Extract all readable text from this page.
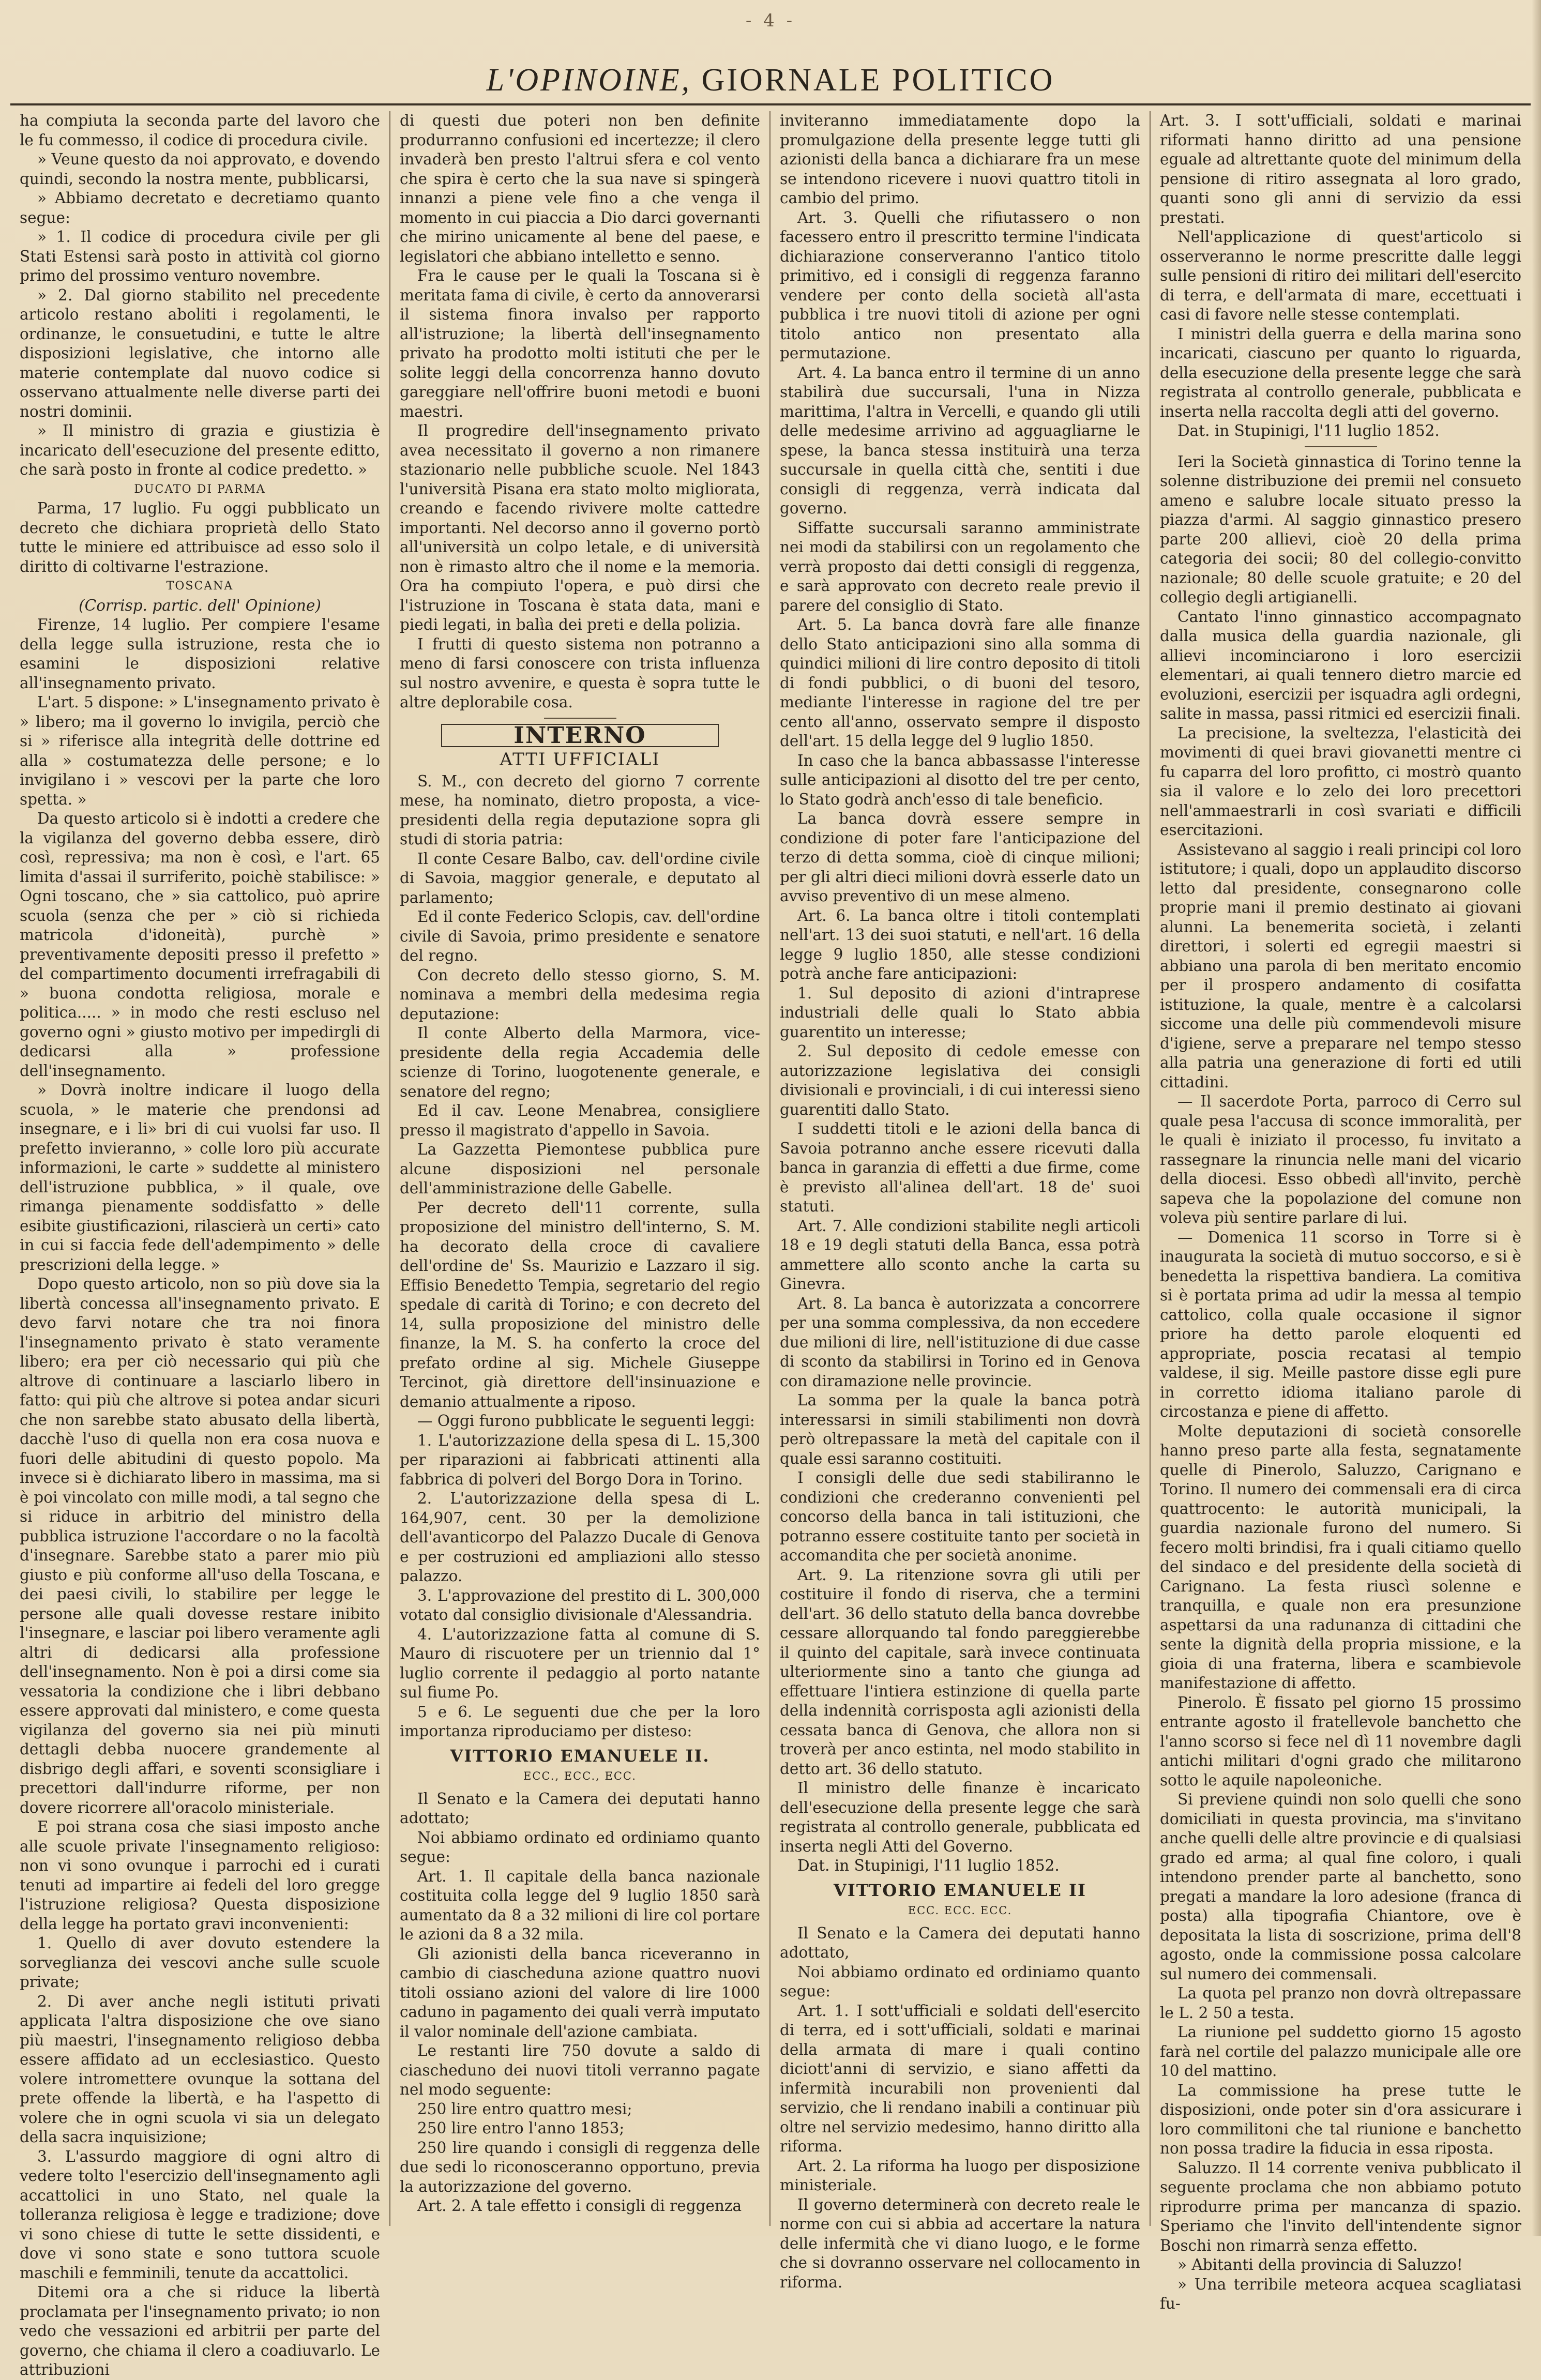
- 4 -
L'OPINOINE, GIORNALE POLITICO

ha compiuta la seconda parte del lavoro che le fu commesso, il codice di procedura civile.

» Veune questo da noi approvato, e dovendo quindi, secondo la nostra mente, pubblicarsi,

» Abbiamo decretato e decretiamo quanto segue:

» 1. Il codice di procedura civile per gli Stati Estensi sarà posto in attività col giorno primo del prossimo venturo novembre.

» 2. Dal giorno stabilito nel precedente articolo restano aboliti i regolamenti, le ordinanze, le consuetudini, e tutte le altre disposizioni legislative, che intorno alle materie contemplate dal nuovo codice si osservano attualmente nelle diverse parti dei nostri dominii.

» Il ministro di grazia e giustizia è incaricato dell'esecuzione del presente editto, che sarà posto in fronte al codice predetto. »

DUCATO DI PARMA

Parma, 17 luglio. Fu oggi pubblicato un decreto che dichiara proprietà dello Stato tutte le miniere ed attribuisce ad esso solo il diritto di coltivarne l'estrazione.

TOSCANA

(Corrisp. partic. dell' Opinione)

Firenze, 14 luglio. Per compiere l'esame della legge sulla istruzione, resta che io esamini le disposizioni relative all'insegnamento privato.

L'art. 5 dispone: » L'insegnamento privato è » libero; ma il governo lo invigila, perciò che si » riferisce alla integrità delle dottrine ed alla » costumatezza delle persone; e lo invigilano i » vescovi per la parte che loro spetta. »

Da questo articolo si è indotti a credere che la vigilanza del governo debba essere, dirò così, repressiva; ma non è così, e l'art. 65 limita d'assai il surriferito, poichè stabilisce: » Ogni toscano, che » sia cattolico, può aprire scuola (senza che per » ciò si richieda matricola d'idoneità), purchè » preventivamente depositi presso il prefetto » del compartimento documenti irrefragabili di » buona condotta religiosa, morale e politica..... » in modo che resti escluso nel governo ogni » giusto motivo per impedirgli di dedicarsi alla » professione dell'insegnamento.

» Dovrà inoltre indicare il luogo della scuola, » le materie che prendonsi ad insegnare, e i li» bri di cui vuolsi far uso. Il prefetto invieranno, » colle loro più accurate informazioni, le carte » suddette al ministero dell'istruzione pubblica, » il quale, ove rimanga pienamente soddisfatto » delle esibite giustificazioni, rilascierà un certi» cato in cui si faccia fede dell'adempimento » delle prescrizioni della legge. »

Dopo questo articolo, non so più dove sia la libertà concessa all'insegnamento privato. E devo farvi notare che tra noi finora l'insegnamento privato è stato veramente libero; era per ciò necessario qui più che altrove di continuare a lasciarlo libero in fatto: qui più che altrove si potea andar sicuri che non sarebbe stato abusato della libertà, dacchè l'uso di quella non era cosa nuova e fuori delle abitudini di questo popolo. Ma invece si è dichiarato libero in massima, ma si è poi vincolato con mille modi, a tal segno che si riduce in arbitrio del ministro della pubblica istruzione l'accordare o no la facoltà d'insegnare. Sarebbe stato a parer mio più giusto e più conforme all'uso della Toscana, e dei paesi civili, lo stabilire per legge le persone alle quali dovesse restare inibito l'insegnare, e lasciar poi libero veramente agli altri di dedicarsi alla professione dell'insegnamento. Non è poi a dirsi come sia vessatoria la condizione che i libri debbano essere approvati dal ministero, e come questa vigilanza del governo sia nei più minuti dettagli debba nuocere grandemente al disbrigo degli affari, e soventi sconsigliare i precettori dall'indurre riforme, per non dovere ricorrere all'oracolo ministeriale.

E poi strana cosa che siasi imposto anche alle scuole private l'insegnamento religioso: non vi sono ovunque i parrochi ed i curati tenuti ad impartire ai fedeli del loro gregge l'istruzione religiosa? Questa disposizione della legge ha portato gravi inconvenienti:

1. Quello di aver dovuto estendere la sorveglianza dei vescovi anche sulle scuole private;

2. Di aver anche negli istituti privati applicata l'altra disposizione che ove siano più maestri, l'insegnamento religioso debba essere affidato ad un ecclesiastico. Questo volere intromettere ovunque la sottana del prete offende la libertà, e ha l'aspetto di volere che in ogni scuola vi sia un delegato della sacra inquisizione;

3. L'assurdo maggiore di ogni altro di vedere tolto l'esercizio dell'insegnamento agli accattolici in uno Stato, nel quale la tolleranza religiosa è legge e tradizione; dove vi sono chiese di tutte le sette dissidenti, e dove vi sono state e sono tuttora scuole maschili e femminili, tenute da accattolici.

Ditemi ora a che si riduce la libertà proclamata per l'insegnamento privato; io non vedo che vessazioni ed arbitrii per parte del governo, che chiama il clero a coadiuvarlo. Le attribuzioni

di questi due poteri non ben definite produrranno confusioni ed incertezze; il clero invaderà ben presto l'altrui sfera e col vento che spira è certo che la sua nave si spingerà innanzi a piene vele fino a che venga il momento in cui piaccia a Dio darci governanti che mirino unicamente al bene del paese, e legislatori che abbiano intelletto e senno.

Fra le cause per le quali la Toscana si è meritata fama di civile, è certo da annoverarsi il sistema finora invalso per rapporto all'istruzione; la libertà dell'insegnamento privato ha prodotto molti istituti che per le solite leggi della concorrenza hanno dovuto gareggiare nell'offrire buoni metodi e buoni maestri.

Il progredire dell'insegnamento privato avea necessitato il governo a non rimanere stazionario nelle pubbliche scuole. Nel 1843 l'università Pisana era stato molto migliorata, creando e facendo rivivere molte cattedre importanti. Nel decorso anno il governo portò all'università un colpo letale, e di università non è rimasto altro che il nome e la memoria. Ora ha compiuto l'opera, e può dirsi che l'istruzione in Toscana è stata data, mani e piedi legati, in balìa dei preti e della polizia.

I frutti di questo sistema non potranno a meno di farsi conoscere con trista influenza sul nostro avvenire, e questa è sopra tutte le altre deplorabile cosa.

INTERNO
ATTI UFFICIALI

S. M., con decreto del giorno 7 corrente mese, ha nominato, dietro proposta, a vice-presidenti della regia deputazione sopra gli studi di storia patria:

Il conte Cesare Balbo, cav. dell'ordine civile di Savoia, maggior generale, e deputato al parlamento;

Ed il conte Federico Sclopis, cav. dell'ordine civile di Savoia, primo presidente e senatore del regno.

Con decreto dello stesso giorno, S. M. nominava a membri della medesima regia deputazione:

Il conte Alberto della Marmora, vice-presidente della regia Accademia delle scienze di Torino, luogotenente generale, e senatore del regno;

Ed il cav. Leone Menabrea, consigliere presso il magistrato d'appello in Savoia.

La Gazzetta Piemontese pubblica pure alcune disposizioni nel personale dell'amministrazione delle Gabelle.

Per decreto dell'11 corrente, sulla proposizione del ministro dell'interno, S. M. ha decorato della croce di cavaliere dell'ordine de' Ss. Maurizio e Lazzaro il sig. Effisio Benedetto Tempia, segretario del regio spedale di carità di Torino; e con decreto del 14, sulla proposizione del ministro delle finanze, la M. S. ha conferto la croce del prefato ordine al sig. Michele Giuseppe Tercinot, già direttore dell'insinuazione e demanio attualmente a riposo.

— Oggi furono pubblicate le seguenti leggi:

1. L'autorizzazione della spesa di L. 15,300 per riparazioni ai fabbricati attinenti alla fabbrica di polveri del Borgo Dora in Torino.

2. L'autorizzazione della spesa di L. 164,907, cent. 30 per la demolizione dell'avanticorpo del Palazzo Ducale di Genova e per costruzioni ed ampliazioni allo stesso palazzo.

3. L'approvazione del prestito di L. 300,000 votato dal consiglio divisionale d'Alessandria.

4. L'autorizzazione fatta al comune di S. Mauro di riscuotere per un triennio dal 1° luglio corrente il pedaggio al porto natante sul fiume Po.

5 e 6. Le seguenti due che per la loro importanza riproduciamo per disteso:

VITTORIO EMANUELE II.
ECC., ECC., ECC.

Il Senato e la Camera dei deputati hanno adottato;

Noi abbiamo ordinato ed ordiniamo quanto segue:

Art. 1. Il capitale della banca nazionale costituita colla legge del 9 luglio 1850 sarà aumentato da 8 a 32 milioni di lire col portare le azioni da 8 a 32 mila.

Gli azionisti della banca riceveranno in cambio di ciascheduna azione quattro nuovi titoli ossiano azioni del valore di lire 1000 caduno in pagamento dei quali verrà imputato il valor nominale dell'azione cambiata.

Le restanti lire 750 dovute a saldo di ciascheduno dei nuovi titoli verranno pagate nel modo seguente:

250 lire entro quattro mesi;

250 lire entro l'anno 1853;

250 lire quando i consigli di reggenza delle due sedi lo riconosceranno opportuno, previa la autorizzazione del governo.

Art. 2. A tale effetto i consigli di reggenza

inviteranno immediatamente dopo la promulgazione della presente legge tutti gli azionisti della banca a dichiarare fra un mese se intendono ricevere i nuovi quattro titoli in cambio del primo.

Art. 3. Quelli che rifiutassero o non facessero entro il prescritto termine l'indicata dichiarazione conserveranno l'antico titolo primitivo, ed i consigli di reggenza faranno vendere per conto della società all'asta pubblica i tre nuovi titoli di azione per ogni titolo antico non presentato alla permutazione.

Art. 4. La banca entro il termine di un anno stabilirà due succursali, l'una in Nizza marittima, l'altra in Vercelli, e quando gli utili delle medesime arrivino ad agguagliarne le spese, la banca stessa instituirà una terza succursale in quella città che, sentiti i due consigli di reggenza, verrà indicata dal governo.

Siffatte succursali saranno amministrate nei modi da stabilirsi con un regolamento che verrà proposto dai detti consigli di reggenza, e sarà approvato con decreto reale previo il parere del consiglio di Stato.

Art. 5. La banca dovrà fare alle finanze dello Stato anticipazioni sino alla somma di quindici milioni di lire contro deposito di titoli di fondi pubblici, o di buoni del tesoro, mediante l'interesse in ragione del tre per cento all'anno, osservato sempre il disposto dell'art. 15 della legge del 9 luglio 1850.

In caso che la banca abbassasse l'interesse sulle anticipazioni al disotto del tre per cento, lo Stato godrà anch'esso di tale beneficio.

La banca dovrà essere sempre in condizione di poter fare l'anticipazione del terzo di detta somma, cioè di cinque milioni; per gli altri dieci milioni dovrà esserle dato un avviso preventivo di un mese almeno.

Art. 6. La banca oltre i titoli contemplati nell'art. 13 dei suoi statuti, e nell'art. 16 della legge 9 luglio 1850, alle stesse condizioni potrà anche fare anticipazioni:

1. Sul deposito di azioni d'intraprese industriali delle quali lo Stato abbia guarentito un interesse;

2. Sul deposito di cedole emesse con autorizzazione legislativa dei consigli divisionali e provinciali, i di cui interessi sieno guarentiti dallo Stato.

I suddetti titoli e le azioni della banca di Savoia potranno anche essere ricevuti dalla banca in garanzia di effetti a due firme, come è previsto all'alinea dell'art. 18 de' suoi statuti.

Art. 7. Alle condizioni stabilite negli articoli 18 e 19 degli statuti della Banca, essa potrà ammettere allo sconto anche la carta su Ginevra.

Art. 8. La banca è autorizzata a concorrere per una somma complessiva, da non eccedere due milioni di lire, nell'istituzione di due casse di sconto da stabilirsi in Torino ed in Genova con diramazione nelle provincie.

La somma per la quale la banca potrà interessarsi in simili stabilimenti non dovrà però oltrepassare la metà del capitale con il quale essi saranno costituiti.

I consigli delle due sedi stabiliranno le condizioni che crederanno convenienti pel concorso della banca in tali istituzioni, che potranno essere costituite tanto per società in accomandita che per società anonime.

Art. 9. La ritenzione sovra gli utili per costituire il fondo di riserva, che a termini dell'art. 36 dello statuto della banca dovrebbe cessare allorquando tal fondo pareggierebbe il quinto del capitale, sarà invece continuata ulteriormente sino a tanto che giunga ad effettuare l'intiera estinzione di quella parte della indennità corrisposta agli azionisti della cessata banca di Genova, che allora non si troverà per anco estinta, nel modo stabilito in detto art. 36 dello statuto.

Il ministro delle finanze è incaricato dell'esecuzione della presente legge che sarà registrata al controllo generale, pubblicata ed inserta negli Atti del Governo.

Dat. in Stupinigi, l'11 luglio 1852.

VITTORIO EMANUELE II
ECC. ECC. ECC.

Il Senato e la Camera dei deputati hanno adottato,

Noi abbiamo ordinato ed ordiniamo quanto segue:

Art. 1. I sott'ufficiali e soldati dell'esercito di terra, ed i sott'ufficiali, soldati e marinai della armata di mare i quali contino diciott'anni di servizio, e siano affetti da infermità incurabili non provenienti dal servizio, che li rendano inabili a continuar più oltre nel servizio medesimo, hanno diritto alla riforma.

Art. 2. La riforma ha luogo per disposizione ministeriale.

Il governo determinerà con decreto reale le norme con cui si abbia ad accertare la natura delle infermità che vi diano luogo, e le forme che si dovranno osservare nel collocamento in riforma.

Art. 3. I sott'ufficiali, soldati e marinai riformati hanno diritto ad una pensione eguale ad altrettante quote del minimum della pensione di ritiro assegnata al loro grado, quanti sono gli anni di servizio da essi prestati.

Nell'applicazione di quest'articolo si osserveranno le norme prescritte dalle leggi sulle pensioni di ritiro dei militari dell'esercito di terra, e dell'armata di mare, eccettuati i casi di favore nelle stesse contemplati.

I ministri della guerra e della marina sono incaricati, ciascuno per quanto lo riguarda, della esecuzione della presente legge che sarà registrata al controllo generale, pubblicata e inserta nella raccolta degli atti del governo.

Dat. in Stupinigi, l'11 luglio 1852.

Ieri la Società ginnastica di Torino tenne la solenne distribuzione dei premii nel consueto ameno e salubre locale situato presso la piazza d'armi. Al saggio ginnastico presero parte 200 allievi, cioè 20 della prima categoria dei socii; 80 del collegio-convitto nazionale; 80 delle scuole gratuite; e 20 del collegio degli artigianelli.

Cantato l'inno ginnastico accompagnato dalla musica della guardia nazionale, gli allievi incominciarono i loro esercizii elementari, ai quali tennero dietro marcie ed evoluzioni, esercizii per isquadra agli ordegni, salite in massa, passi ritmici ed esercizii finali.

La precisione, la sveltezza, l'elasticità dei movimenti di quei bravi giovanetti mentre ci fu caparra del loro profitto, ci mostrò quanto sia il valore e lo zelo dei loro precettori nell'ammaestrarli in così svariati e difficili esercitazioni.

Assistevano al saggio i reali principi col loro istitutore; i quali, dopo un applaudito discorso letto dal presidente, consegnarono colle proprie mani il premio destinato ai giovani alunni. La benemerita società, i zelanti direttori, i solerti ed egregii maestri si abbiano una parola di ben meritato encomio per il prospero andamento di cosifatta istituzione, la quale, mentre è a calcolarsi siccome una delle più commendevoli misure d'igiene, serve a preparare nel tempo stesso alla patria una generazione di forti ed utili cittadini.

— Il sacerdote Porta, parroco di Cerro sul quale pesa l'accusa di sconce immoralità, per le quali è iniziato il processo, fu invitato a rassegnare la rinuncia nelle mani del vicario della diocesi. Esso obbedì all'invito, perchè sapeva che la popolazione del comune non voleva più sentire parlare di lui.

— Domenica 11 scorso in Torre si è inaugurata la società di mutuo soccorso, e si è benedetta la rispettiva bandiera. La comitiva si è portata prima ad udir la messa al tempio cattolico, colla quale occasione il signor priore ha detto parole eloquenti ed appropriate, poscia recatasi al tempio valdese, il sig. Meille pastore disse egli pure in corretto idioma italiano parole di circostanza e piene di affetto.

Molte deputazioni di società consorelle hanno preso parte alla festa, segnatamente quelle di Pinerolo, Saluzzo, Carignano e Torino. Il numero dei commensali era di circa quattrocento: le autorità municipali, la guardia nazionale furono del numero. Si fecero molti brindisi, fra i quali citiamo quello del sindaco e del presidente della società di Carignano. La festa riuscì solenne e tranquilla, e quale non era presunzione aspettarsi da una radunanza di cittadini che sente la dignità della propria missione, e la gioia di una fraterna, libera e scambievole manifestazione di affetto.

Pinerolo. È fissato pel giorno 15 prossimo entrante agosto il fratellevole banchetto che l'anno scorso si fece nel dì 11 novembre dagli antichi militari d'ogni grado che militarono sotto le aquile napoleoniche.

Si previene quindi non solo quelli che sono domiciliati in questa provincia, ma s'invitano anche quelli delle altre provincie e di qualsiasi grado ed arma; al qual fine coloro, i quali intendono prender parte al banchetto, sono pregati a mandare la loro adesione (franca di posta) alla tipografia Chiantore, ove è depositata la lista di soscrizione, prima dell'8 agosto, onde la commissione possa calcolare sul numero dei commensali.

La quota pel pranzo non dovrà oltrepassare le L. 2 50 a testa.

La riunione pel suddetto giorno 15 agosto farà nel cortile del palazzo municipale alle ore 10 del mattino.

La commissione ha prese tutte le disposizioni, onde poter sin d'ora assicurare i loro commilitoni che tal riunione e banchetto non possa tradire la fiducia in essa riposta.

Saluzzo. Il 14 corrente veniva pubblicato il seguente proclama che non abbiamo potuto riprodurre prima per mancanza di spazio. Speriamo che l'invito dell'intendente signor Boschi non rimarrà senza effetto.

» Abitanti della provincia di Saluzzo!

» Una terribile meteora acquea scagliatasi fu-
